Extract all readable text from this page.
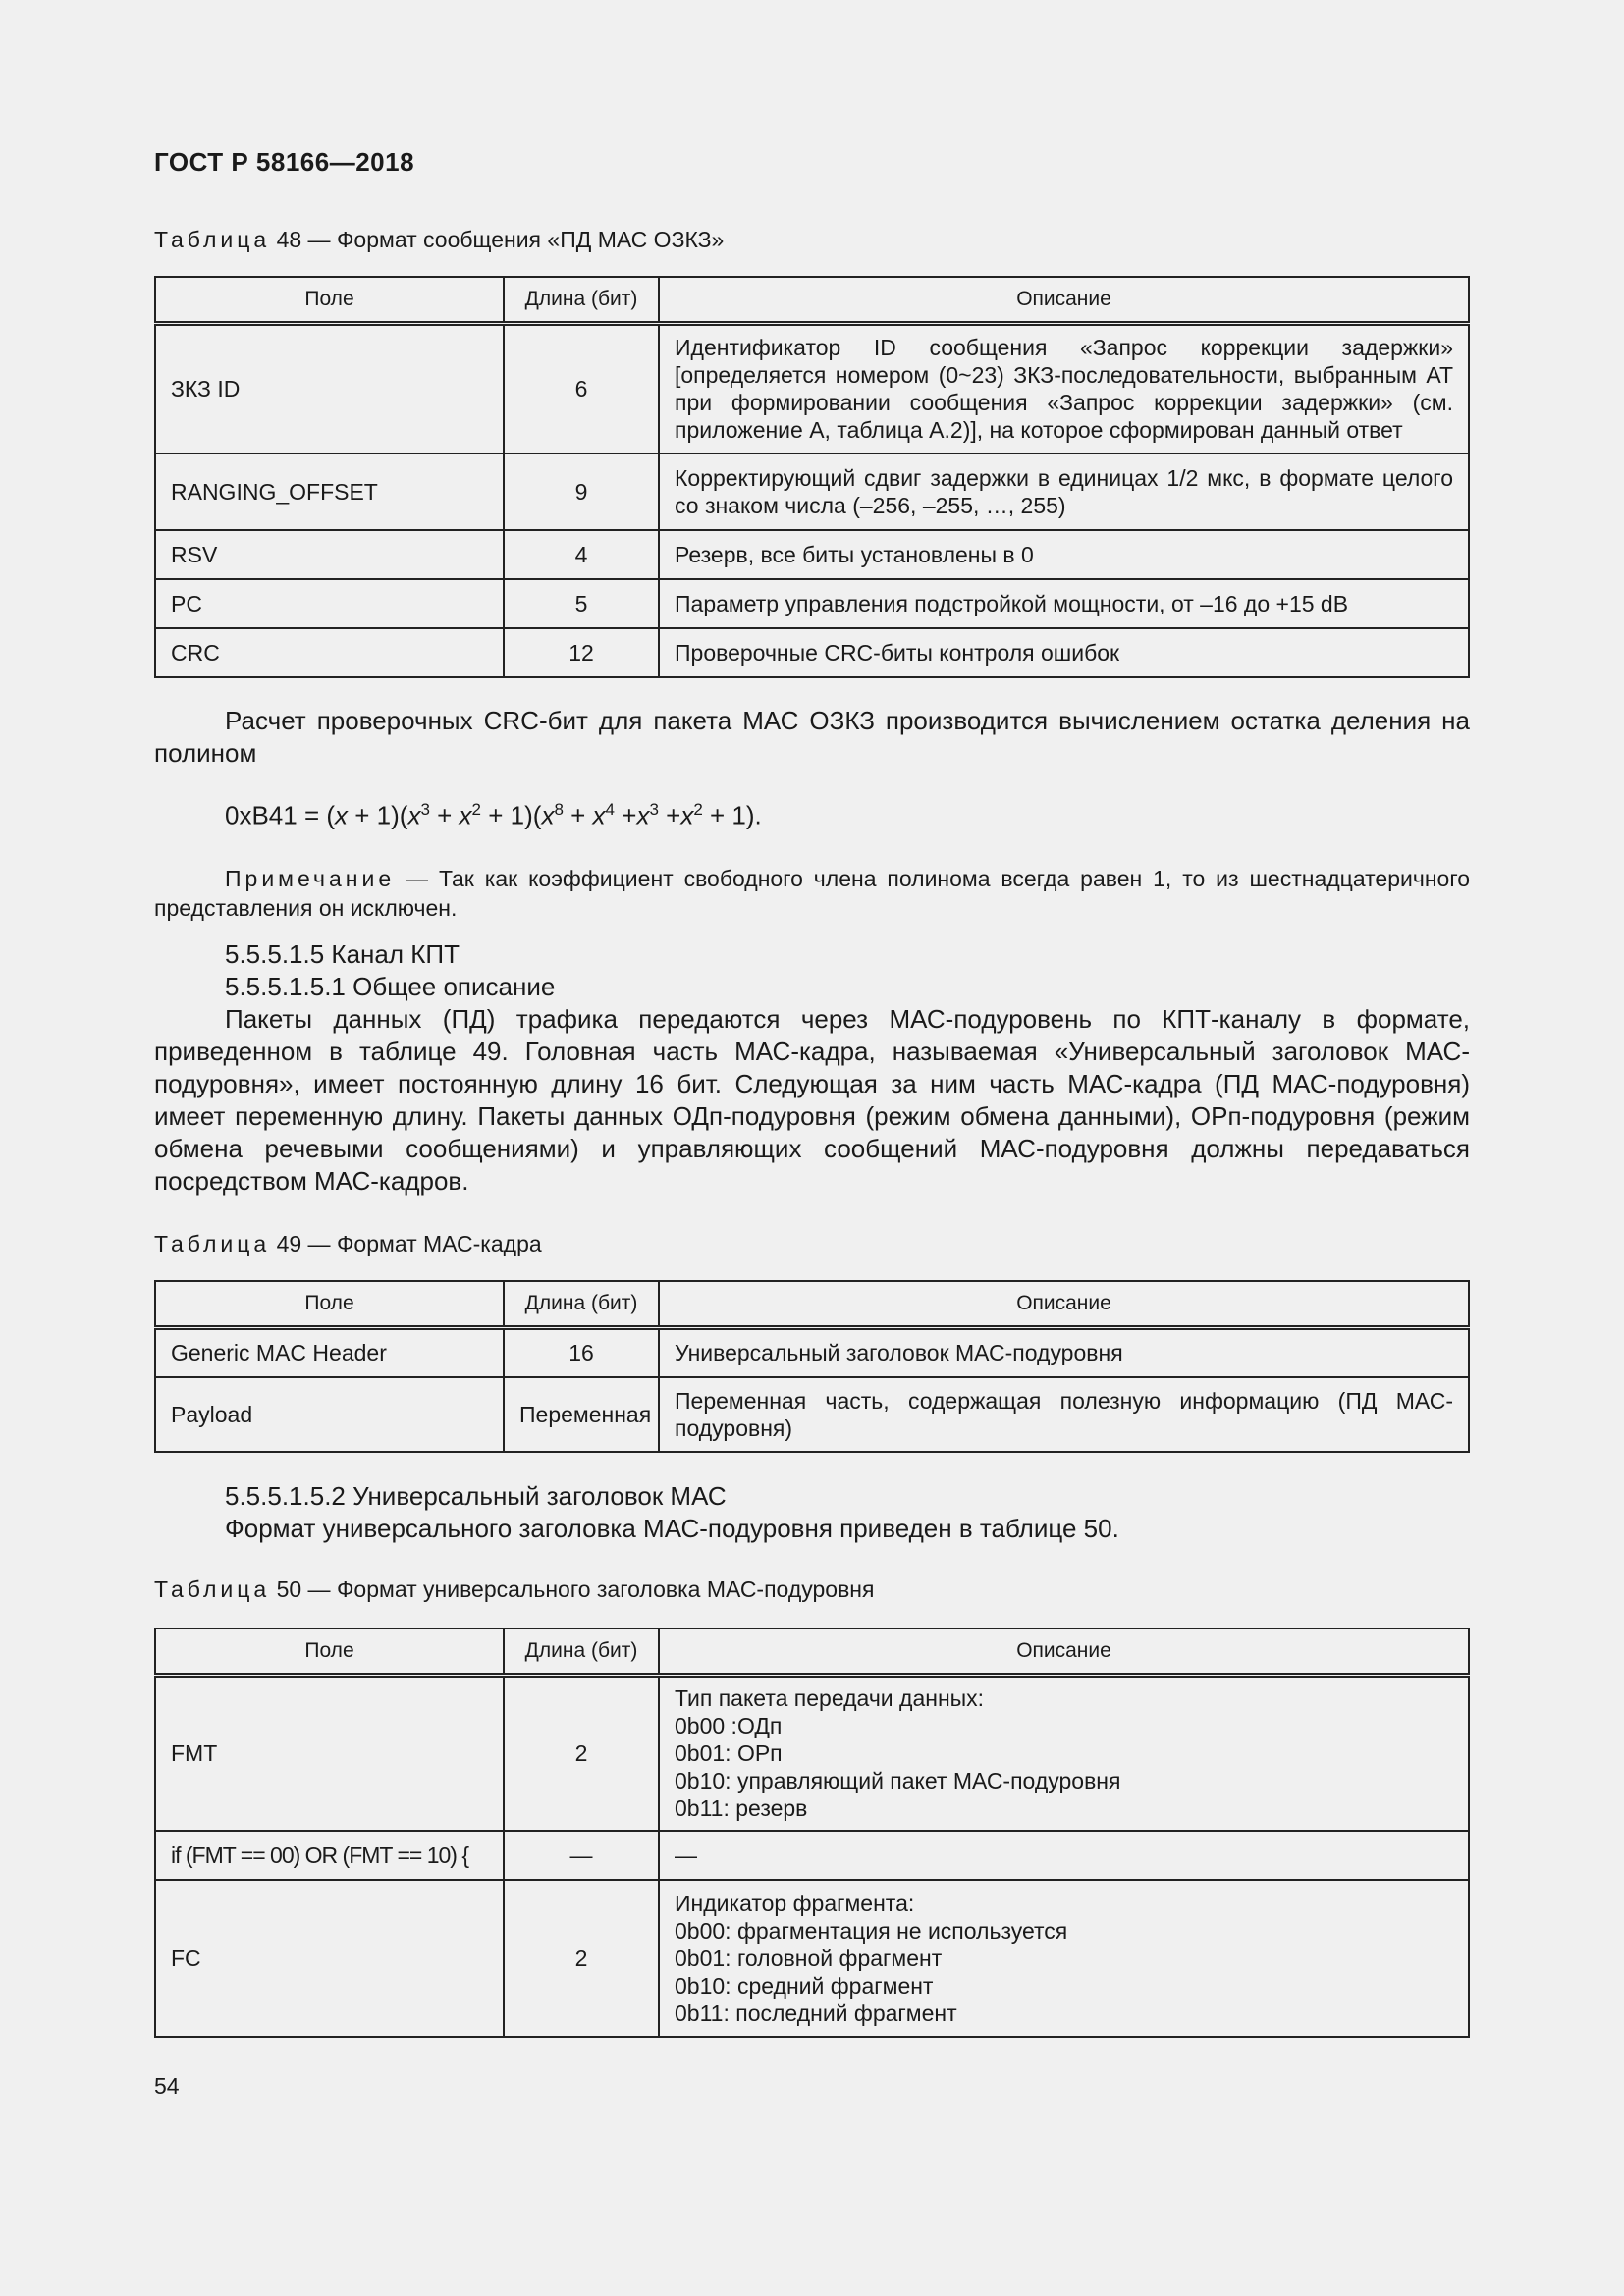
ГОСТ Р 58166—2018
Таблица 48 — Формат сообщения «ПД МАС ОЗКЗ»
Поле	Длина (бит)	Описание
ЗКЗ ID	6	Идентификатор ID сообщения «Запрос коррекции задержки» [определяется номером (0~23) ЗКЗ-последовательности, выбранным АТ при формировании сообщения «Запрос коррекции задержки» (см. приложение А, таблица А.2)], на которое сформирован данный ответ
RANGING_OFFSET	9	Корректирующий сдвиг задержки в единицах 1/2 мкс, в формате целого со знаком числа (–256, –255, …, 255)
RSV	4	Резерв, все биты установлены в 0
PC	5	Параметр управления подстройкой мощности, от –16 до +15 dB
CRC	12	Проверочные CRC-биты контроля ошибок
Расчет проверочных CRC-бит для пакета МАС ОЗКЗ производится вычислением остатка деления на полином
$0xB41 = (x + 1)(x^3 + x^2 + 1)(x^8 + x^4 +x^3 +x^2 + 1)$.
Примечание — Так как коэффициент свободного члена полинома всегда равен 1, то из шестнадцатеричного представления он исключен.
5.5.5.1.5 Канал КПТ
5.5.5.1.5.1 Общее описание
Пакеты данных (ПД) трафика передаются через МАС-подуровень по КПТ-каналу в формате, приведенном в таблице 49. Головная часть МАС-кадра, называемая «Универсальный заголовок МАС-подуровня», имеет постоянную длину 16 бит. Следующая за ним часть МАС-кадра (ПД МАС-подуровня) имеет переменную длину. Пакеты данных ОДп-подуровня (режим обмена данными), ОРп-подуровня (режим обмена речевыми сообщениями) и управляющих сообщений МАС-подуровня должны передаваться посредством МАС-кадров.
Таблица 49 — Формат МАС-кадра
Поле	Длина (бит)	Описание
Generic MAC Header	16	Универсальный заголовок МАС-подуровня
Payload	Переменная	Переменная часть, содержащая полезную информацию (ПД МАС-подуровня)
5.5.5.1.5.2 Универсальный заголовок МАС
Формат универсального заголовка МАС-подуровня приведен в таблице 50.
Таблица 50 — Формат универсального заголовка МАС-подуровня
Поле	Длина (бит)	Описание
FMT	2	Тип пакета передачи данных:
0b00 :ОДп
0b01: ОРп
0b10: управляющий пакет МАС-подуровня
0b11: резерв

if (FMT == 00) OR (FMT == 10) {	—	—
FC	2	Индикатор фрагмента:
0b00: фрагментация не используется
0b01: головной фрагмент
0b10: средний фрагмент
0b11: последний фрагмент
54
